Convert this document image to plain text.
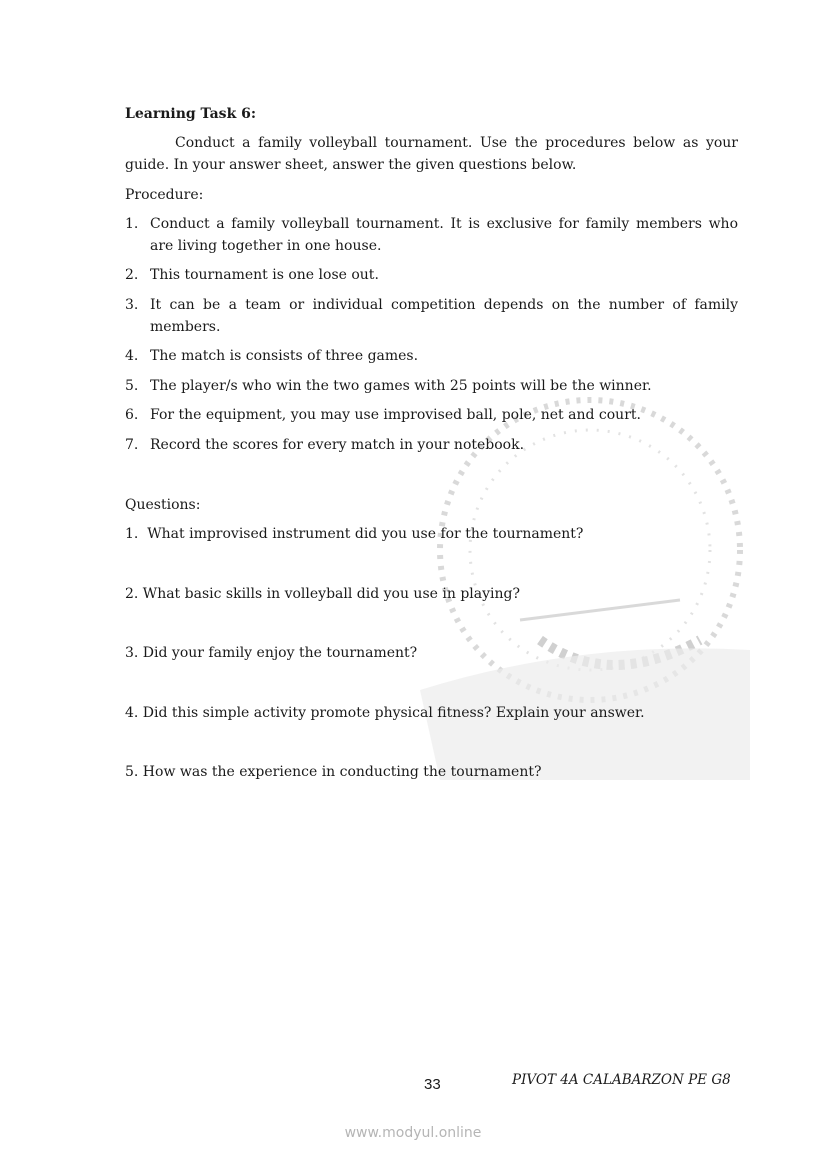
Learning Task 6:
Conduct a family volleyball tournament. Use the procedures below as your guide. In your answer sheet, answer the given questions below.
Procedure:
1. Conduct a family volleyball tournament. It is exclusive for family members who are living together in one house.
2. This tournament is one lose out.
3. It can be a team or individual competition depends on the number of family members.
4. The match is consists of three games.
5. The player/s who win the two games with 25 points will be the winner.
6. For the equipment, you may use improvised ball, pole, net and court.
7. Record the scores for every match in your notebook.
Questions:
1.  What improvised instrument did you use for the tournament?
2. What basic skills in volleyball did you use in playing?
3. Did your family enjoy the tournament?
4. Did this simple activity promote physical fitness? Explain your answer.
5. How was the experience in conducting the tournament?
33	PIVOT 4A CALABARZON PE G8
www.modyul.online
